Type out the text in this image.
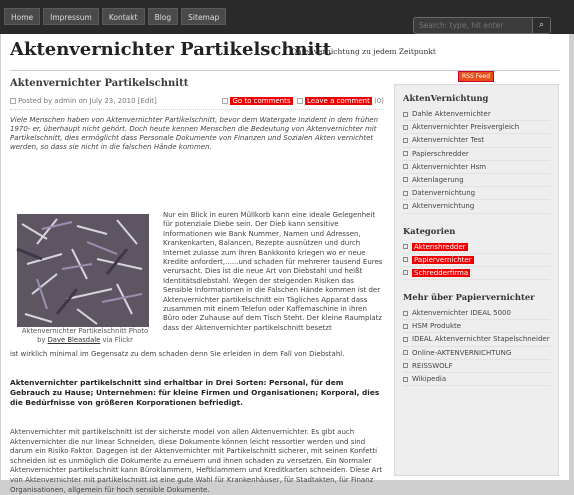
Home	Impressum	Kontakt	Blog	Sitemap
Search: type, hit enter
⌕
Aktenvernichter Partikelschnitt
Datenvernichtung zu jedem Zeitpunkt
RSS Feed
Aktenvernichter Partikelschnitt
Posted by admin on July 23, 2010 [Edit]	Go to comments Leave a comment (0)
Viele Menschen haben von Aktenvernichter Partikelschnitt, bevor dem Watergate Inzident in dem frühen 1970- er, überhaupt nicht gehört. Doch heute kennen Menschen die Bedeutung von Aktenvernichter mit Partikelschnitt, dies ermöglicht dass Personale Dokumente von Finanzen und Sozialen Akten vernichtet werden, so dass sie nicht in die falschen Hände kommen.
Aktenvernichter Partikelschnitt Photo
by Dave Bleasdale via Flickr
Nur ein Blick in euren Müllkorb kann eine ideale Gelegenheit für potenziale Diebe sein. Der Dieb kann sensitive Informationen wie Bank Nummer, Namen und Adressen, Krankenkarten, Balancen, Rezepte ausnützen und durch Internet zulasse zum ihren Bankkonto kriegen wo er neue Kredite anfordert,......und schaden für mehrerer tausend Eures verursacht. Dies ist die neue Art von Diebstahl und heißt Identitätsdiebstahl. Wegen der steigenden Risiken das Sensible Informationen in die Falschen Hände kommen ist der Aktenvernichter partikelschnitt ein Tägliches Apparat dass zusammen mit einem Telefon oder Kaffemaschine in ihren Büro oder Zuhause auf dem Tisch Steht. Der kleine Raumplatz dass der Aktenvernichter partikelschnitt besetzt
ist wirklich minimal im Gegensatz zu dem schaden denn Sie erleiden in dem Fall von Diebstahl.
Aktenvernichter partikelschnitt sind erhaltbar in Drei Sorten: Personal, für dem Gebrauch zu Hause; Unternehmen: für kleine Firmen und Organisationen; Korporal, dies die Bedürfnisse von größeren Korporationen befriedigt.
Aktenvernichter mit partikelschnitt ist der sicherste model von allen Aktenvernichter. Es gibt auch Aktenvernichter die nur linear Schneiden, diese Dokumente können leicht ressortier werden und sind darum ein Risiko Faktor. Dagegen ist der Aktenvernichter mit Partikelschnitt sicherer, mit seinen Konfetti schneiden ist es unmöglich die Dokumente zu erneuern und ihnen schaden zu versetzen. Ein Normaler Aktenvernichter partikelschnitt kann Büroklammern, Heftklammern und Kreditkarten schneiden. Diese Art von Aktenvernichter mit partikelschnitt ist eine gute Wahl für Krankenhäuser, für Stadtakten, für Finanz Organisationen, allgemein für hoch sensible Dokumente.
AktenVernichtung
Dahle Aktenvernichter
Aktenvernichter Preisvergleich
Aktenvernichter Test
Papierschredder
Aktenvernichter Hsm
Aktenlagerung
Datenvernichtung
Aktenvernichtung
Kategorien
Aktenshredder
Papiervernichter
Schredderfirma
Mehr über Papiervernichter
Aktenvernichter IDEAL 5000
HSM Produkte
IDEAL Aktenvernichter Stapelschneider
Online-AKTENVERNICHTUNG
REISSWOLF
Wikipedia
